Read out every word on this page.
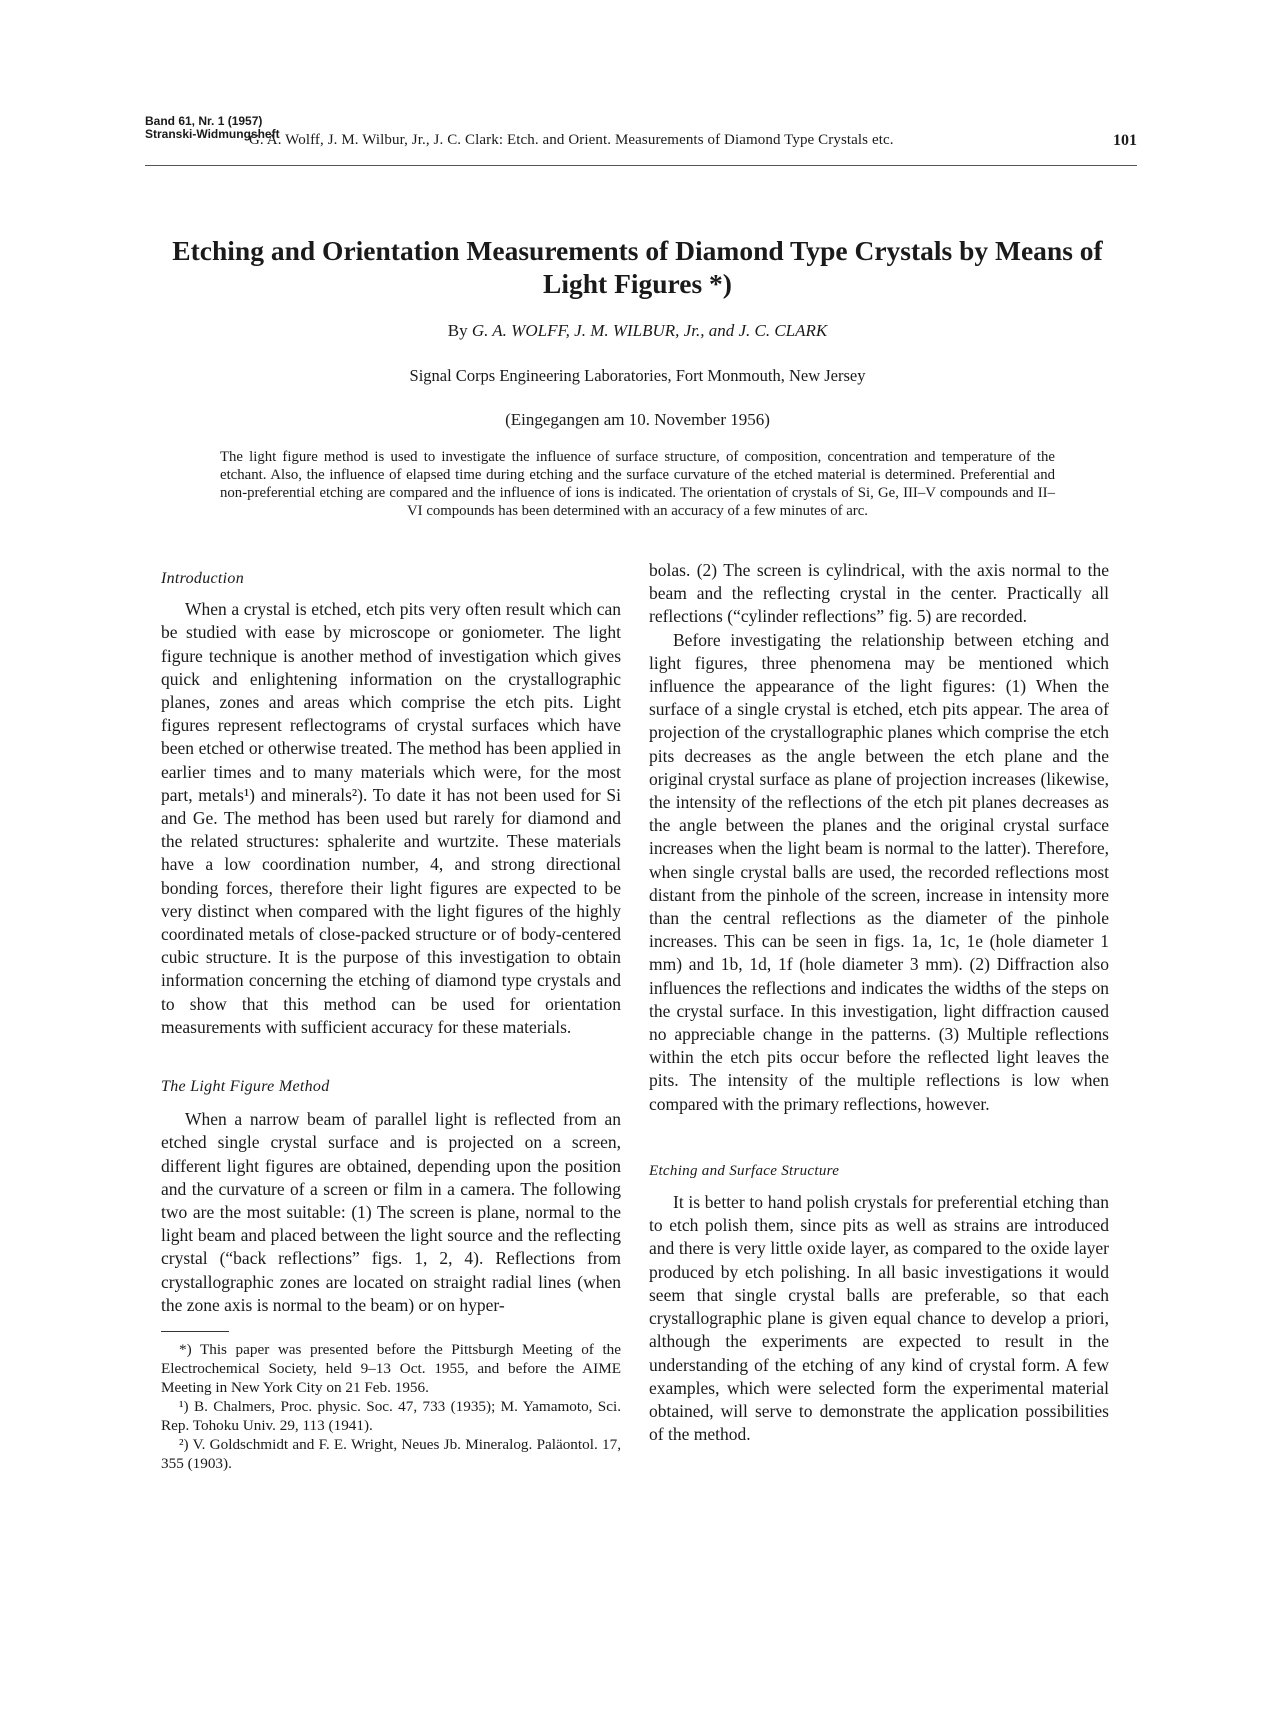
Band 61, Nr. 1 (1957)
Stranski-Widmungsheft
G. A. Wolff, J. M. Wilbur, Jr., J. C. Clark: Etch. and Orient. Measurements of Diamond Type Crystals etc.	101
Etching and Orientation Measurements of Diamond Type Crystals by Means of Light Figures *)
By G. A. WOLFF, J. M. WILBUR, Jr., and J. C. CLARK
Signal Corps Engineering Laboratories, Fort Monmouth, New Jersey
(Eingegangen am 10. November 1956)

The light figure method is used to investigate the influence of surface structure, of composition, concentration and temperature of the etchant. Also, the influence of elapsed time during etching and the surface curvature of the etched material is determined. Preferential and non-preferential etching are compared and the influence of ions is indicated. The orientation of crystals of Si, Ge, III–V compounds and II–VI compounds has been determined with an accuracy of a few minutes of arc.

Introduction

When a crystal is etched, etch pits very often result which can be studied with ease by microscope or goniometer. The light figure technique is another method of investigation which gives quick and enlightening information on the crystallographic planes, zones and areas which comprise the etch pits. Light figures represent reflectograms of crystal surfaces which have been etched or otherwise treated. The method has been applied in earlier times and to many materials which were, for the most part, metals¹) and minerals²). To date it has not been used for Si and Ge. The method has been used but rarely for diamond and the related structures: sphalerite and wurtzite. These materials have a low coordination number, 4, and strong directional bonding forces, therefore their light figures are expected to be very distinct when compared with the light figures of the highly coordinated metals of close-packed structure or of body-centered cubic structure. It is the purpose of this investigation to obtain information concerning the etching of diamond type crystals and to show that this method can be used for orientation measurements with sufficient accuracy for these materials.

The Light Figure Method

When a narrow beam of parallel light is reflected from an etched single crystal surface and is projected on a screen, different light figures are obtained, depending upon the position and the curvature of a screen or film in a camera. The following two are the most suitable: (1) The screen is plane, normal to the light beam and placed between the light source and the reflecting crystal (“back reflections” figs. 1, 2, 4). Reflections from crystallographic zones are located on straight radial lines (when the zone axis is normal to the beam) or on hyper-

*) This paper was presented before the Pittsburgh Meeting of the Electrochemical Society, held 9–13 Oct. 1955, and before the AIME Meeting in New York City on 21 Feb. 1956.

¹) B. Chalmers, Proc. physic. Soc. 47, 733 (1935); M. Yamamoto, Sci. Rep. Tohoku Univ. 29, 113 (1941).

²) V. Goldschmidt and F. E. Wright, Neues Jb. Mineralog. Paläontol. 17, 355 (1903).

bolas. (2) The screen is cylindrical, with the axis normal to the beam and the reflecting crystal in the center. Practically all reflections (“cylinder reflections” fig. 5) are recorded.

Before investigating the relationship between etching and light figures, three phenomena may be mentioned which influence the appearance of the light figures: (1) When the surface of a single crystal is etched, etch pits appear. The area of projection of the crystallographic planes which comprise the etch pits decreases as the angle between the etch plane and the original crystal surface as plane of projection increases (likewise, the intensity of the reflections of the etch pit planes decreases as the angle between the planes and the original crystal surface increases when the light beam is normal to the latter). Therefore, when single crystal balls are used, the recorded reflections most distant from the pinhole of the screen, increase in intensity more than the central reflections as the diameter of the pinhole increases. This can be seen in figs. 1a, 1c, 1e (hole diameter 1 mm) and 1b, 1d, 1f (hole diameter 3 mm). (2) Diffraction also influences the reflections and indicates the widths of the steps on the crystal surface. In this investigation, light diffraction caused no appreciable change in the patterns. (3) Multiple reflections within the etch pits occur before the reflected light leaves the pits. The intensity of the multiple reflections is low when compared with the primary reflections, however.

Etching and Surface Structure

It is better to hand polish crystals for preferential etching than to etch polish them, since pits as well as strains are introduced and there is very little oxide layer, as compared to the oxide layer produced by etch polishing. In all basic investigations it would seem that single crystal balls are preferable, so that each crystallographic plane is given equal chance to develop a priori, although the experiments are expected to result in the understanding of the etching of any kind of crystal form. A few examples, which were selected form the experimental material obtained, will serve to demonstrate the application possibilities of the method.
